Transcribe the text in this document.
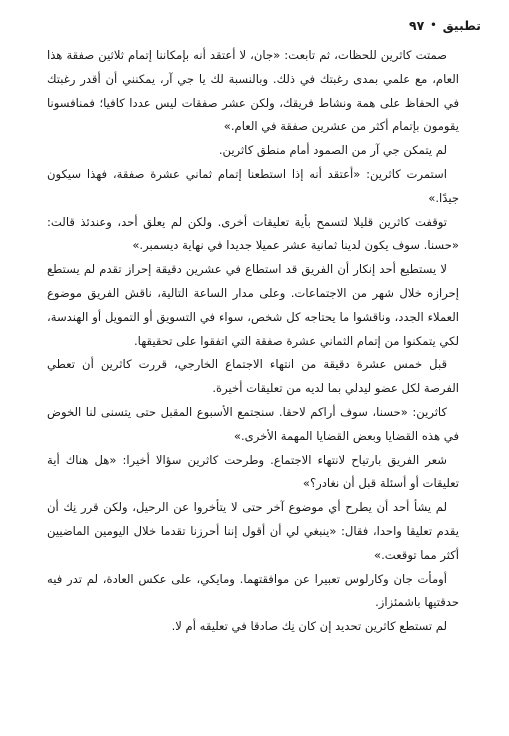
تطبيق
•
٩٧

صمتت كاثرين للحظات، ثم تابعت: «جان، لا أعتقد أنه بإمكاننا إتمام ثلاثين صفقة هذا العام، مع علمي بمدى رغبتك في ذلك. وبالنسبة لك يا جي آر، يمكنني أن أقدر رغبتك في الحفاظ على همة ونشاط فريقك، ولكن عشر صفقات ليس عددا كافيا؛ فمنافسونا يقومون بإتمام أكثر من عشرين صفقة في العام.»

لم يتمكن جي آر من الصمود أمام منطق كاثرين.

استمرت كاثرين: «أعتقد أنه إذا استطعنا إتمام ثماني عشرة صفقة، فهذا سيكون جيدًا.»

توقفت كاثرين قليلا لتسمح بأية تعليقات أخرى. ولكن لم يعلق أحد، وعندئذ قالت: «حسنا. سوف يكون لدينا ثمانية عشر عميلا جديدا في نهاية ديسمبر.»

لا يستطيع أحد إنكار أن الفريق قد استطاع في عشرين دقيقة إحراز تقدم لم يستطع إحرازه خلال شهر من الاجتماعات. وعلى مدار الساعة التالية، ناقش الفريق موضوع العملاء الجدد، وناقشوا ما يحتاجه كل شخص، سواء في التسويق أو التمويل أو الهندسة، لكي يتمكنوا من إتمام الثماني عشرة صفقة التي اتفقوا على تحقيقها.

قبل خمس عشرة دقيقة من انتهاء الاجتماع الخارجي، قررت كاثرين أن تعطي الفرصة لكل عضو ليدلي بما لديه من تعليقات أخيرة.

كاثرين: «حسنا، سوف أراكم لاحقا. سنجتمع الأسبوع المقبل حتى يتسنى لنا الخوض في هذه القضايا وبعض القضايا المهمة الأخرى.»

شعر الفريق بارتياح لانتهاء الاجتماع. وطرحت كاثرين سؤالا أخيرا: «هل هناك أية تعليقات أو أسئلة قبل أن نغادر؟»

لم يشأ أحد أن يطرح أي موضوع آخر حتى لا يتأخروا عن الرحيل، ولكن قرر نِك أن يقدم تعليقا واحدا، فقال: «ينبغي لي أن أقول إننا أحرزنا تقدما خلال اليومين الماضيين أكثر مما توقعت.»

أومأت جان وكارلوس تعبيرا عن موافقتهما. ومايكي، على عكس العادة، لم تدر فيه حدقتيها باشمئزاز.

لم تستطع كاثرين تحديد إن كان نِك صادقا في تعليقه أم لا.
